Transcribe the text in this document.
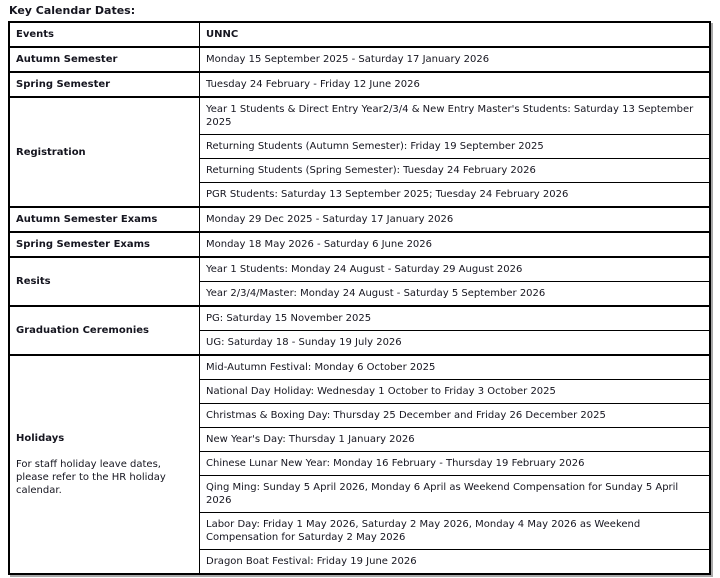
Key Calendar Dates:
Events	UNNC

Autumn Semester	Monday 15 September 2025 - Saturday 17 January 2026

Spring Semester	Tuesday 24 February - Friday 12 June 2026

Registration	Year 1 Students & Direct Entry Year2/3/4 & New Entry Master's Students: Saturday 13 September 2025
	Returning Students (Autumn Semester): Friday 19 September 2025
	Returning Students (Spring Semester): Tuesday 24 February 2026
	PGR Students: Saturday 13 September 2025; Tuesday 24 February 2026

Autumn Semester Exams	Monday 29 Dec 2025 - Saturday 17 January 2026

Spring Semester Exams	Monday 18 May 2026 - Saturday 6 June 2026

Resits	Year 1 Students: Monday 24 August - Saturday 29 August 2026
	Year 2/3/4/Master: Monday 24 August - Saturday 5 September 2026

Graduation Ceremonies	PG: Saturday 15 November 2025
	UG: Saturday 18 - Sunday 19 July 2026

Holidays
For staff holiday leave dates, please refer to the HR holiday calendar.	Mid-Autumn Festival: Monday 6 October 2025
	National Day Holiday: Wednesday 1 October to Friday 3 October 2025
	Christmas & Boxing Day: Thursday 25 December and Friday 26 December 2025
	New Year's Day: Thursday 1 January 2026
	Chinese Lunar New Year: Monday 16 February - Thursday 19 February 2026
	Qing Ming: Sunday 5 April 2026, Monday 6 April as Weekend Compensation for Sunday 5 April 2026
	Labor Day: Friday 1 May 2026, Saturday 2 May 2026, Monday 4 May 2026 as Weekend Compensation for Saturday 2 May 2026
	Dragon Boat Festival: Friday 19 June 2026
